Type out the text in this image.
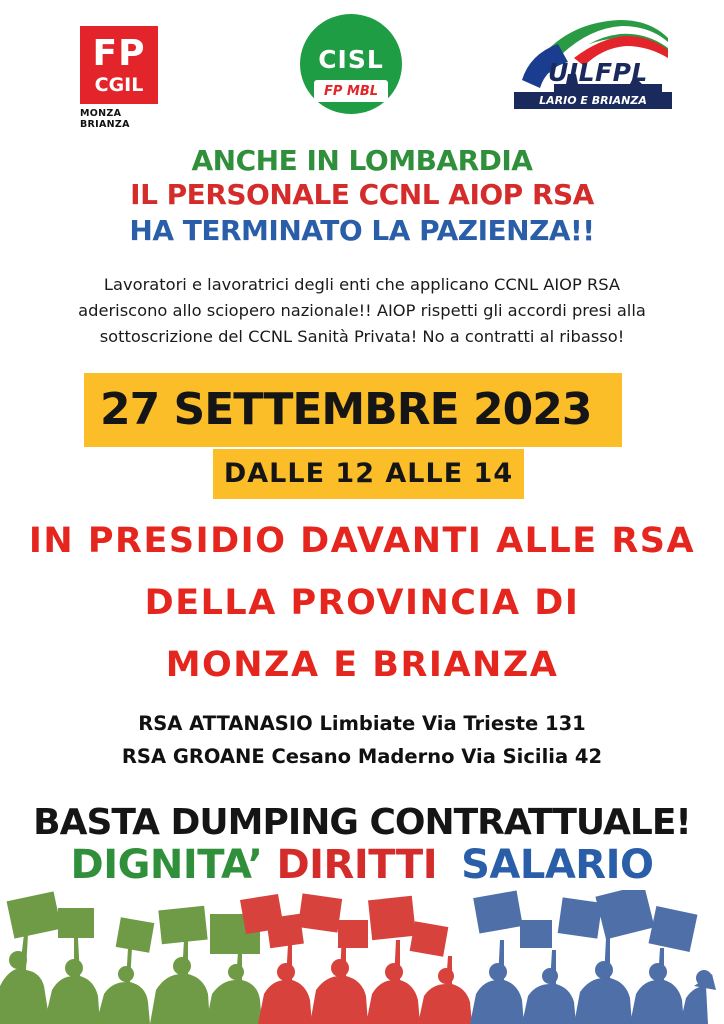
FP
CGIL
MONZA BRIANZA
CISL
FP MBL
UILFPL
LARIO E BRIANZA
ANCHE IN LOMBARDIA
IL PERSONALE CCNL AIOP RSA
HA TERMINATO LA PAZIENZA!!
Lavoratori e lavoratrici degli enti che applicano CCNL AIOP RSA
aderiscono allo sciopero nazionale!! AIOP rispetti gli accordi presi alla
sottoscrizione del CCNL Sanità Privata! No a contratti al ribasso!
27 SETTEMBRE 2023
DALLE 12 ALLE 14
IN PRESIDIO DAVANTI ALLE RSA
DELLA PROVINCIA DI
MONZA E BRIANZA
RSA ATTANASIO Limbiate Via Trieste 131
RSA GROANE Cesano Maderno Via Sicilia 42
BASTA DUMPING CONTRATTUALE!
DIGNITA’ DIRITTI SALARIO
